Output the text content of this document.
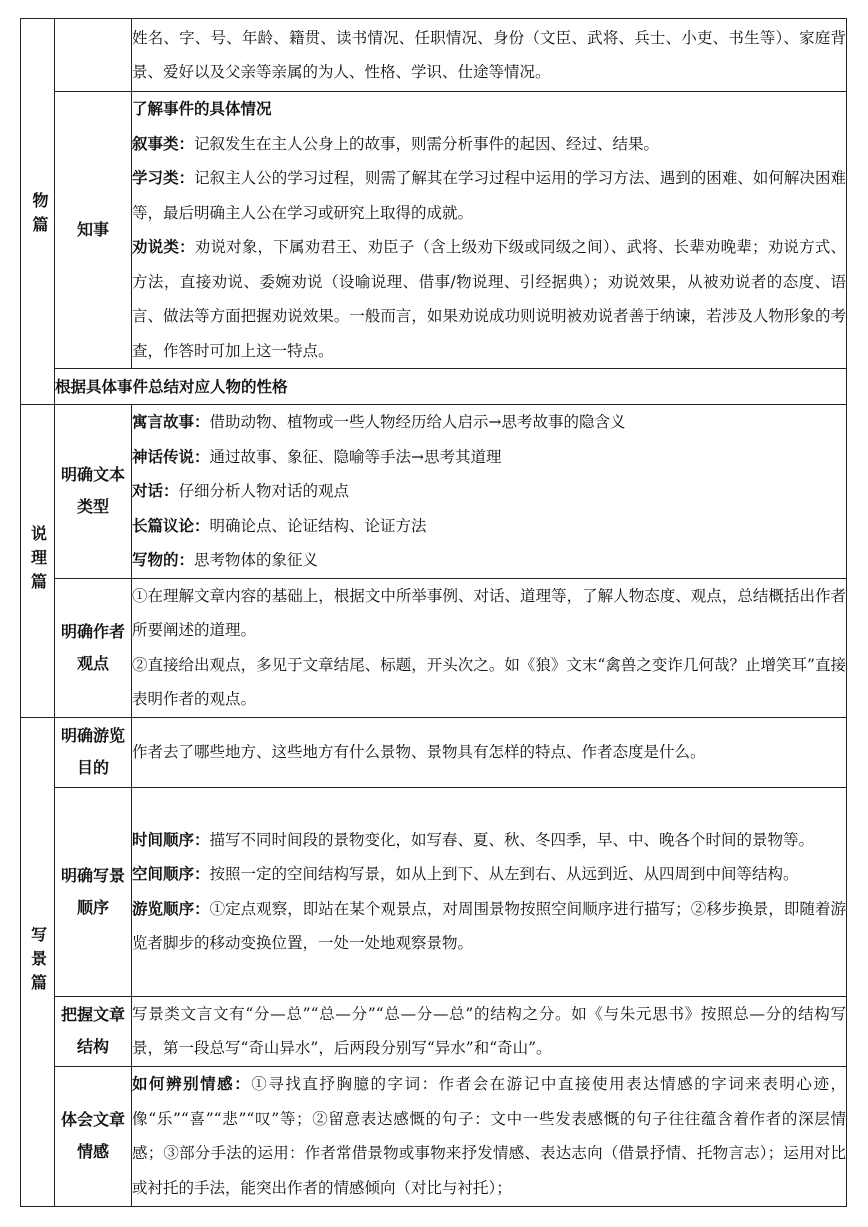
物篇		姓名、字、号、年龄、籍贯、读书情况、任职情况、身份（文臣、武将、兵士、小吏、书生等）、家庭背景、爱好以及父亲等亲属的为人、性格、学识、仕途等情况。
	知事	了解事件的具体情况
叙事类：记叙发生在主人公身上的故事，则需分析事件的起因、经过、结果。
学习类：记叙主人公的学习过程，则需了解其在学习过程中运用的学习方法、遇到的困难、如何解决困难等，最后明确主人公在学习或研究上取得的成就。
劝说类：劝说对象，下属劝君王、劝臣子（含上级劝下级或同级之间）、武将、长辈劝晚辈；劝说方式、方法，直接劝说、委婉劝说（设喻说理、借事/物说理、引经据典）；劝说效果，从被劝说者的态度、语言、做法等方面把握劝说效果。一般而言，如果劝说成功则说明被劝说者善于纳谏，若涉及人物形象的考查，作答时可加上这一特点。

	根据具体事件总结对应人物的性格	
说理篇	明确文本类型	寓言故事：借助动物、植物或一些人物经历给人启示→思考故事的隐含义
神话传说：通过故事、象征、隐喻等手法→思考其道理
对话：仔细分析人物对话的观点
长篇议论：明确论点、论证结构、论证方法
写物的：思考物体的象征义

	明确作者观点	①在理解文章内容的基础上，根据文中所举事例、对话、道理等，了解人物态度、观点，总结概括出作者所要阐述的道理。
②直接给出观点，多见于文章结尾、标题，开头次之。如《狼》文末“禽兽之变诈几何哉？止增笑耳”直接表明作者的观点。

写景篇	明确游览目的	作者去了哪些地方、这些地方有什么景物、景物具有怎样的特点、作者态度是什么。
	明确写景顺序	时间顺序：描写不同时间段的景物变化，如写春、夏、秋、冬四季，早、中、晚各个时间的景物等。
空间顺序：按照一定的空间结构写景，如从上到下、从左到右、从远到近、从四周到中间等结构。
游览顺序：①定点观察，即站在某个观景点，对周围景物按照空间顺序进行描写；②移步换景，即随着游览者脚步的移动变换位置，一处一处地观察景物。

	把握文章结构	写景类文言文有“分—总”“总—分”“总—分—总”的结构之分。如《与朱元思书》按照总—分的结构写景，第一段总写“奇山异水”，后两段分别写“异水”和“奇山”。
	体会文章情感	如何辨别情感：①寻找直抒胸臆的字词：作者会在游记中直接使用表达情感的字词来表明心迹，像“乐”“喜”“悲”“叹”等；②留意表达感慨的句子：文中一些发表感慨的句子往往蕴含着作者的深层情感；③部分手法的运用：作者常借景物或事物来抒发情感、表达志向（借景抒情、托物言志）；运用对比或衬托的手法，能突出作者的情感倾向（对比与衬托）；
